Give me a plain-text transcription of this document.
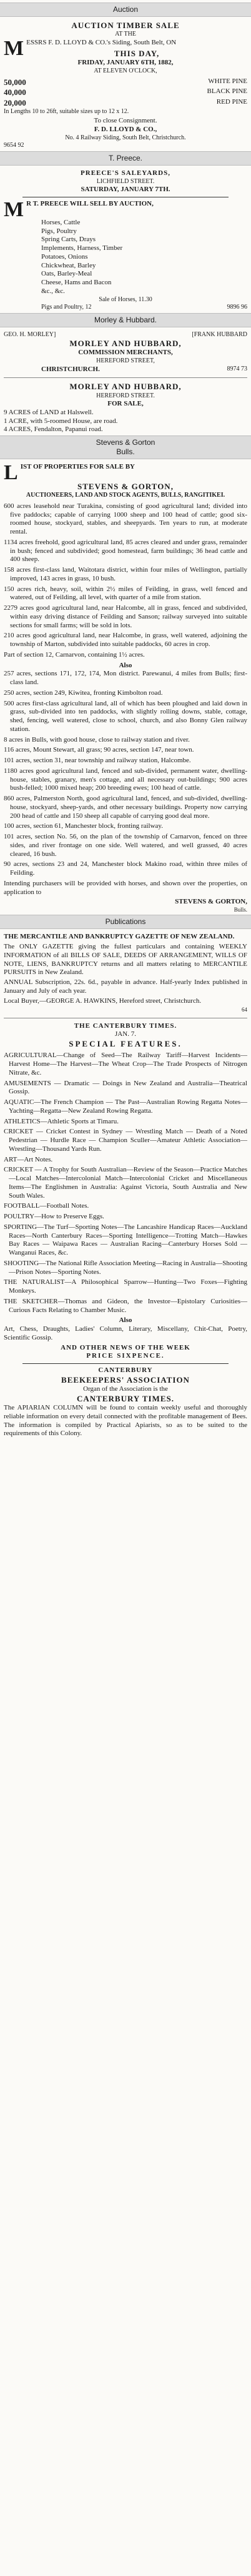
Auction
AUCTION TIMBER SALE
AT THE
M ESSRS F. D. LLOYD & CO.'s Siding, South Belt, ON
THIS DAY,
FRIDAY, JANUARY 6TH, 1882,
AT ELEVEN O'CLOCK,
50,000	WHITE PINE
40,000	BLACK PINE
20,000	RED PINE
In Lengths 10 to 26ft, suitable sizes up to 12 x 12.
To close Consignment.
F. D. LLOYD & CO.,
No. 4 Railway Siding, South Belt, Christchurch.
9654 92
T. Preece.
PREECE'S SALEYARDS,
LICHFIELD STREET.
SATURDAY, JANUARY 7TH.
M R T. PREECE WILL SELL BY AUCTION,
Horses, Cattle
Pigs, Poultry
Spring Carts, Drays
Implements, Harness, Timber
Potatoes, Onions
Chickwheat, Barley
Oats, Barley-Meal
Cheese, Hams and Bacon
&c., &c.
Sale of Horses, 11.30
Pigs and Poultry, 12	9896 96
Morley & Hubbard.
GEO. H. MORLEY]	[FRANK HUBBARD
MORLEY AND HUBBARD,
COMMISSION MERCHANTS,
HEREFORD STREET,
CHRISTCHURCH.	8974 73
MORLEY AND HUBBARD,
HEREFORD STREET.
FOR SALE,
9 ACRES of LAND at Halswell.
1 ACRE, with 5-roomed House, are road.
4 ACRES, Fendalton, Papanui road.
Stevens & Gorton
Bulls.
L IST OF PROPERTIES FOR SALE BY
STEVENS & GORTON,
AUCTIONEERS, LAND AND STOCK AGENTS, BULLS, RANGITIKEI.
600 acres leasehold near Turakina, consisting of good agricultural land; divided into five paddocks; capable of carrying 1000 sheep and 100 head of cattle; good six-roomed house, stockyard, stables, and sheepyards. Ten years to run, at moderate rental.
1134 acres freehold, good agricultural land, 85 acres cleared and under grass, remainder in bush; fenced and subdivided; good homestead, farm buildings; 36 head cattle and 400 sheep.
158 acres first-class land, Waitotara district, within four miles of Wellington, partially improved, 143 acres in grass, 10 bush.
150 acres rich, heavy, soil, within 2½ miles of Feilding, in grass, well fenced and watered, out of Feilding, all level, with quarter of a mile from station.
2279 acres good agricultural land, near Halcombe, all in grass, fenced and subdivided, within easy driving distance of Feilding and Sanson; railway surveyed into suitable sections for small farms; will be sold in lots.
210 acres good agricultural land, near Halcombe, in grass, well watered, adjoining the township of Marton, subdivided into suitable paddocks, 60 acres in crop.
Part of section 12, Carnarvon, containing 1½ acres.
Also
257 acres, sections 171, 172, 174, Mon district. Parewanui, 4 miles from Bulls; first-class land.
250 acres, section 249, Kiwitea, fronting Kimbolton road.
500 acres first-class agricultural land, all of which has been ploughed and laid down in grass, sub-divided into ten paddocks, with slightly rolling downs, stable, cottage, shed, fencing, well watered, close to school, church, and also Bonny Glen railway station.
8 acres in Bulls, with good house, close to railway station and river.
116 acres, Mount Stewart, all grass; 90 acres, section 147, near town.
101 acres, section 31, near township and railway station, Halcombe.
1180 acres good agricultural land, fenced and sub-divided, permanent water, dwelling-house, stables, granary, men's cottage, and all necessary out-buildings; 900 acres bush-felled; 1000 mixed heap; 200 breeding ewes; 100 head of cattle.
860 acres, Palmerston North, good agricultural land, fenced, and sub-divided, dwelling-house, stockyard, sheep-yards, and other necessary buildings. Property now carrying 200 head of cattle and 150 sheep all capable of carrying good deal more.
100 acres, section 61, Manchester block, fronting railway.
101 acres, section No. 56, on the plan of the township of Carnarvon, fenced on three sides, and river frontage on one side. Well watered, and well grassed, 40 acres cleared, 16 bush.
90 acres, sections 23 and 24, Manchester block Makino road, within three miles of Feilding.
Intending purchasers will be provided with horses, and shown over the properties, on application to
STEVENS & GORTON,
Bulls.
Publications
THE MERCANTILE AND BANKRUPTCY GAZETTE OF NEW ZEALAND.
The ONLY GAZETTE giving the fullest particulars and containing WEEKLY INFORMATION of all BILLS OF SALE, DEEDS OF ARRANGEMENT, WILLS OF NOTE, LIENS, BANKRUPTCY returns and all matters relating to MERCANTILE PURSUITS in New Zealand.
ANNUAL Subscription, 22s. 6d., payable in advance. Half-yearly Index published in January and July of each year.
Local Buyer,—GEORGE A. HAWKINS, Hereford street, Christchurch.
64
THE CANTERBURY TIMES.
JAN. 7.
SPECIAL FEATURES.
AGRICULTURAL—Change of Seed—The Railway Tariff—Harvest Incidents—Harvest Home—The Harvest—The Wheat Crop—The Trade Prospects of Nitrogen Nitrate, &c.
AMUSEMENTS — Dramatic — Doings in New Zealand and Australia—Theatrical Gossip.
AQUATIC—The French Champion — The Past—Australian Rowing Regatta Notes—Yachting—Regatta—New Zealand Rowing Regatta.
ATHLETICS—Athletic Sports at Timaru.
CRICKET — Cricket Contest in Sydney — Wrestling Match — Death of a Noted Pedestrian — Hurdle Race — Champion Sculler—Amateur Athletic Association—Wrestling—Thousand Yards Run.
ART—Art Notes.
CRICKET — A Trophy for South Australian—Review of the Season—Practice Matches—Local Matches—Intercolonial Match—Intercolonial Cricket and Miscellaneous Items—The Englishmen in Australia: Against Victoria, South Australia and New South Wales.
FOOTBALL—Football Notes.
POULTRY—How to Preserve Eggs.
SPORTING—The Turf—Sporting Notes—The Lancashire Handicap Races—Auckland Races—North Canterbury Races—Sporting Intelligence—Trotting Match—Hawkes Bay Races — Waipawa Races — Australian Racing—Canterbury Horses Sold — Wanganui Races, &c.
SHOOTING—The National Rifle Association Meeting—Racing in Australia—Shooting—Prison Notes—Sporting Notes.
THE NATURALIST—A Philosophical Sparrow—Hunting—Two Foxes—Fighting Monkeys.
THE SKETCHER—Thomas and Gideon, the Investor—Epistolary Curiosities—Curious Facts Relating to Chamber Music.
Also
Art, Chess, Draughts, Ladies' Column, Literary, Miscellany, Chit-Chat, Poetry, Scientific Gossip.
AND OTHER NEWS OF THE WEEK
PRICE SIXPENCE.
CANTERBURY
BEEKEEPERS' ASSOCIATION
Organ of the Association is the
CANTERBURY TIMES.
The APIARIAN COLUMN will be found to contain weekly useful and thoroughly reliable information on every detail connected with the profitable management of Bees. The information is compiled by Practical Apiarists, so as to be suited to the requirements of this Colony.
